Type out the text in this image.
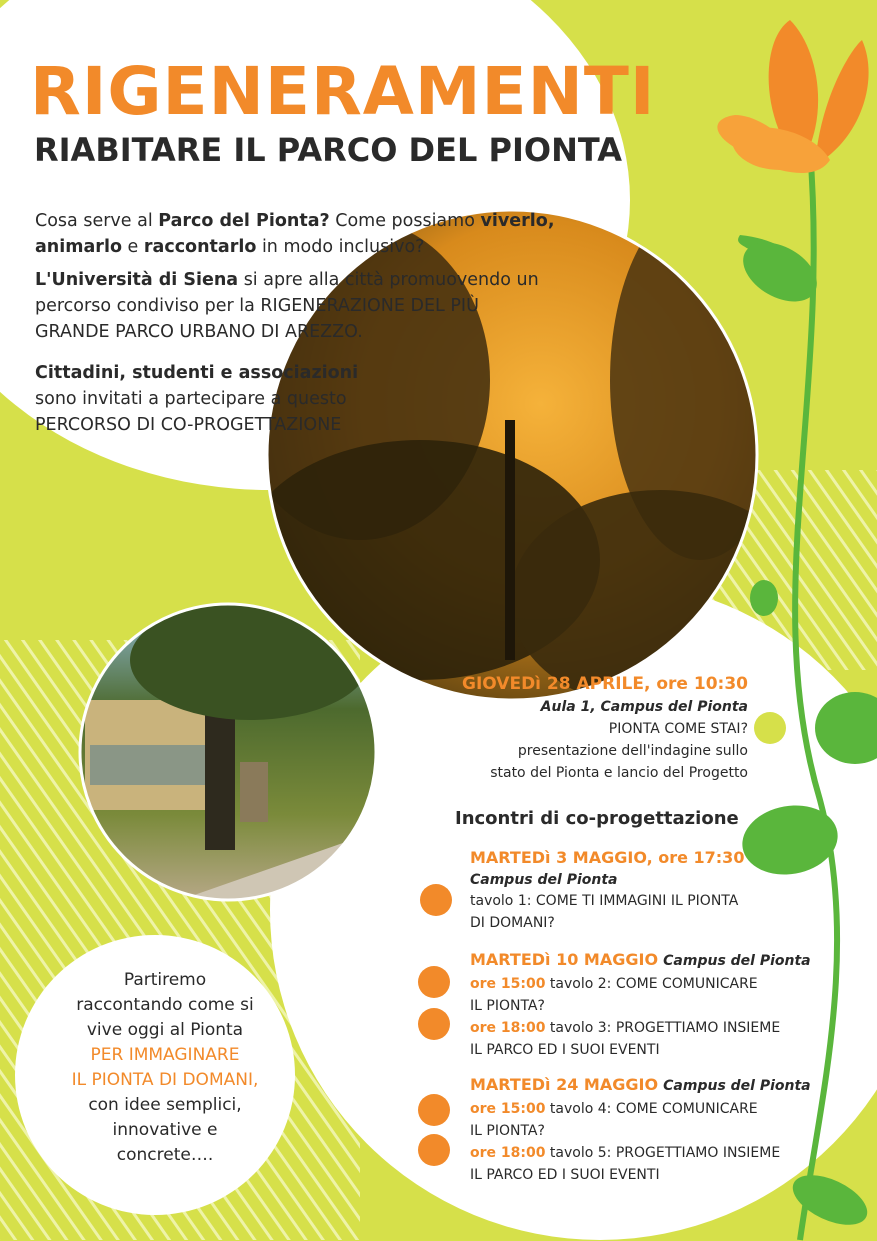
RIGENERAMENTI
RIABITARE IL PARCO DEL PIONTA
Cosa serve al Parco del Pionta? Come possiamo viverlo,
animarlo e raccontarlo in modo inclusivo?
L'Università di Siena si apre alla città promuovendo un
percorso condiviso per la RIGENERAZIONE DEL PIÙ
GRANDE PARCO URBANO DI AREZZO.
Cittadini, studenti e associazioni
sono invitati a partecipare a questo
PERCORSO DI CO-PROGETTAZIONE
GIOVEDì 28 APRILE, ore 10:30
Aula 1, Campus del Pionta
PIONTA COME STAI?
presentazione dell'indagine sullo
stato del Pionta e lancio del Progetto
Incontri di co-progettazione
MARTEDì 3 MAGGIO, ore 17:30
Campus del Pionta
tavolo 1: COME TI IMMAGINI IL PIONTA
DI DOMANI?
MARTEDì 10 MAGGIO Campus del Pionta
ore 15:00 tavolo 2: COME COMUNICARE
IL PIONTA?
ore 18:00 tavolo 3: PROGETTIAMO INSIEME
IL PARCO ED I SUOI EVENTI
MARTEDì 24 MAGGIO Campus del Pionta
ore 15:00 tavolo 4: COME COMUNICARE
IL PIONTA?
ore 18:00 tavolo 5: PROGETTIAMO INSIEME
IL PARCO ED I SUOI EVENTI
Partiremo
raccontando come si
vive oggi al Pionta
PER IMMAGINARE
IL PIONTA DI DOMANI,
con idee semplici,
innovative e
concrete….
